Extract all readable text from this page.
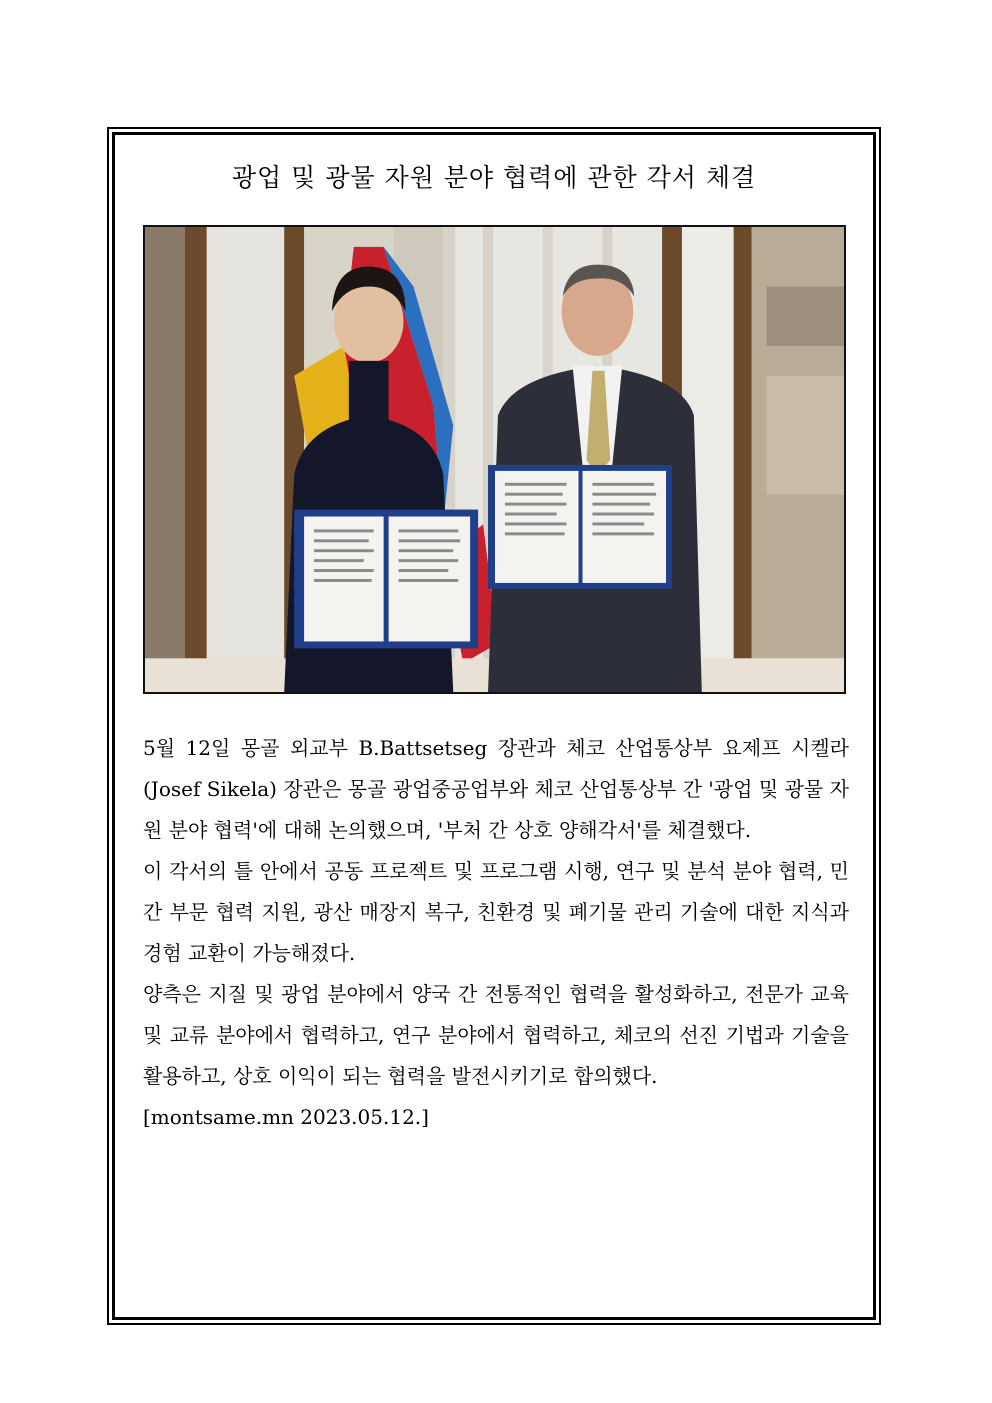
광업 및 광물 자원 분야 협력에 관한 각서 체결

5월 12일 몽골 외교부 B.Battsetseg 장관과 체코 산업통상부 요제프 시켈라(Josef Sikela) 장관은 몽골 광업중공업부와 체코 산업통상부 간 '광업 및 광물 자원 분야 협력'에 대해 논의했으며, '부처 간 상호 양해각서'를 체결했다.

이 각서의 틀 안에서 공동 프로젝트 및 프로그램 시행, 연구 및 분석 분야 협력, 민간 부문 협력 지원, 광산 매장지 복구, 친환경 및 폐기물 관리 기술에 대한 지식과 경험 교환이 가능해졌다.

양측은 지질 및 광업 분야에서 양국 간 전통적인 협력을 활성화하고, 전문가 교육 및 교류 분야에서 협력하고, 연구 분야에서 협력하고, 체코의 선진 기법과 기술을 활용하고, 상호 이익이 되는 협력을 발전시키기로 합의했다.

[montsame.mn 2023.05.12.]
